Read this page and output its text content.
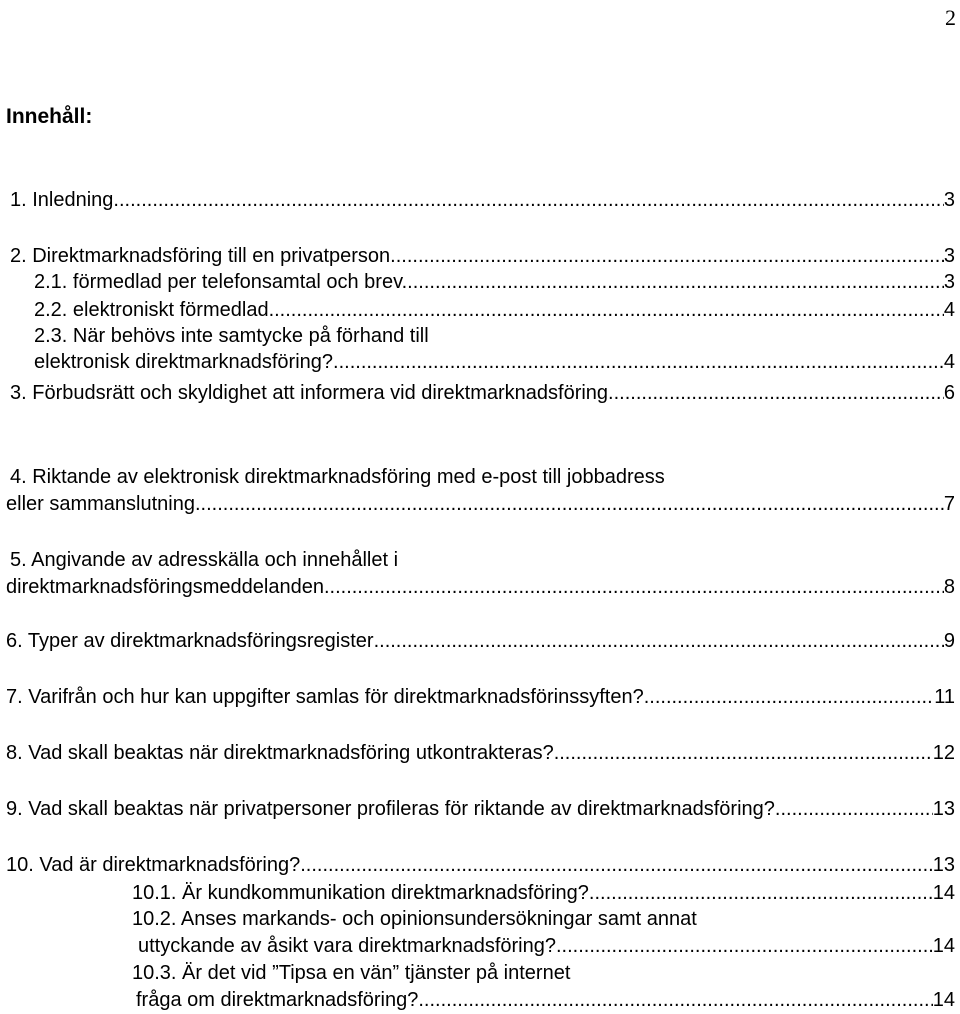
2
Innehåll:
1. Inledning .....	3
2. Direktmarknadsföring till en privatperson. .....	3
2.1. förmedlad per telefonsamtal och brev. .....	3
2.2. elektroniskt förmedlad .....	4
2.3. När behövs inte samtycke på förhand till
elektronisk direktmarknadsföring?. .....	4
3. Förbudsrätt och skyldighet att informera vid direktmarknadsföring .....	6
4. Riktande av elektronisk direktmarknadsföring med e-post till jobbadress
eller sammanslutning .....	7
5. Angivande av adresskälla och innehållet i
direktmarknadsföringsmeddelanden .....	8
6. Typer av direktmarknadsföringsregister .....	9
7. Varifrån och hur kan uppgifter samlas för direktmarknadsförinssyften? .....	11
8. Vad skall beaktas när direktmarknadsföring utkontrakteras? .....	12
9. Vad skall beaktas när privatpersoner profileras för riktande av direktmarknadsföring? .....	13
10. Vad är direktmarknadsföring? .....	13
10.1. Är kundkommunikation direktmarknadsföring? .....	14
10.2. Anses markands- och opinionsundersökningar samt annat
uttyckande av åsikt vara direktmarknadsföring? .....	14
10.3. Är det vid ”Tipsa en vän” tjänster på internet
fråga om direktmarknadsföring? .....	14
